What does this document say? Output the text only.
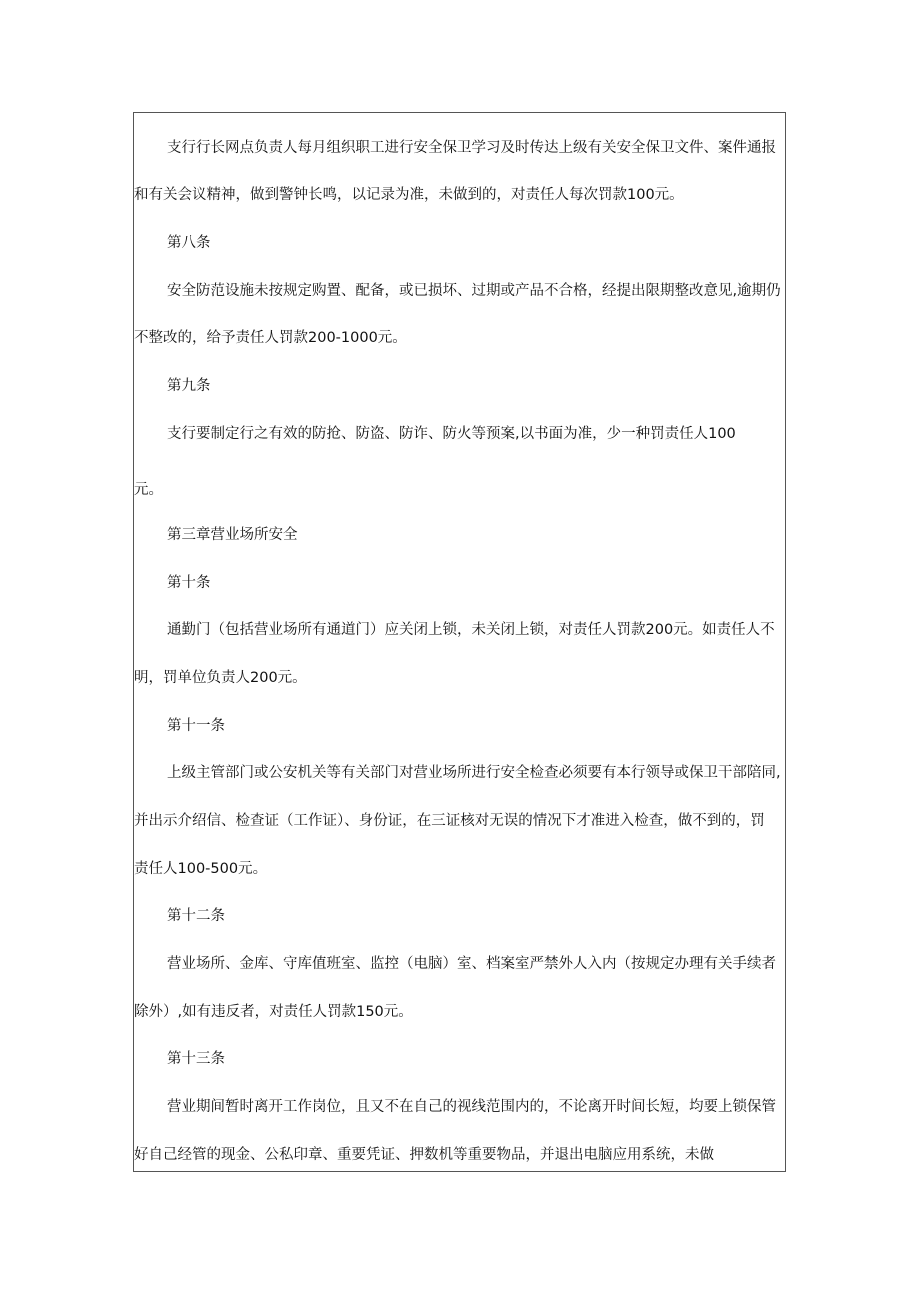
支行行长网点负责人每月组织职工进行安全保卫学习及时传达上级有关安全保卫文件、案件通报
和有关会议精神，做到警钟长鸣，以记录为准，未做到的，对责任人每次罚款100元。
第八条
安全防范设施未按规定购置、配备，或已损坏、过期或产品不合格，经提出限期整改意见,逾期仍
不整改的，给予责任人罚款200-1000元。
第九条
支行要制定行之有效的防抢、防盗、防诈、防火等预案,以书面为准，少一种罚责任人100
元。
第三章营业场所安全
第十条
通勤门（包括营业场所有通道门）应关闭上锁，未关闭上锁，对责任人罚款200元。如责任人不
明，罚单位负责人200元。
第十一条
上级主管部门或公安机关等有关部门对营业场所进行安全检查必须要有本行领导或保卫干部陪同,
并出示介绍信、检查证（工作证）、身份证，在三证核对无误的情况下才准进入检查，做不到的，罚
责任人100-500元。
第十二条
营业场所、金库、守库值班室、监控（电脑）室、档案室严禁外人入内（按规定办理有关手续者
除外）,如有违反者，对责任人罚款150元。
第十三条
营业期间暂时离开工作岗位，且又不在自己的视线范围内的，不论离开时间长短，均要上锁保管
好自己经管的现金、公私印章、重要凭证、押数机等重要物品，并退出电脑应用系统，未做
